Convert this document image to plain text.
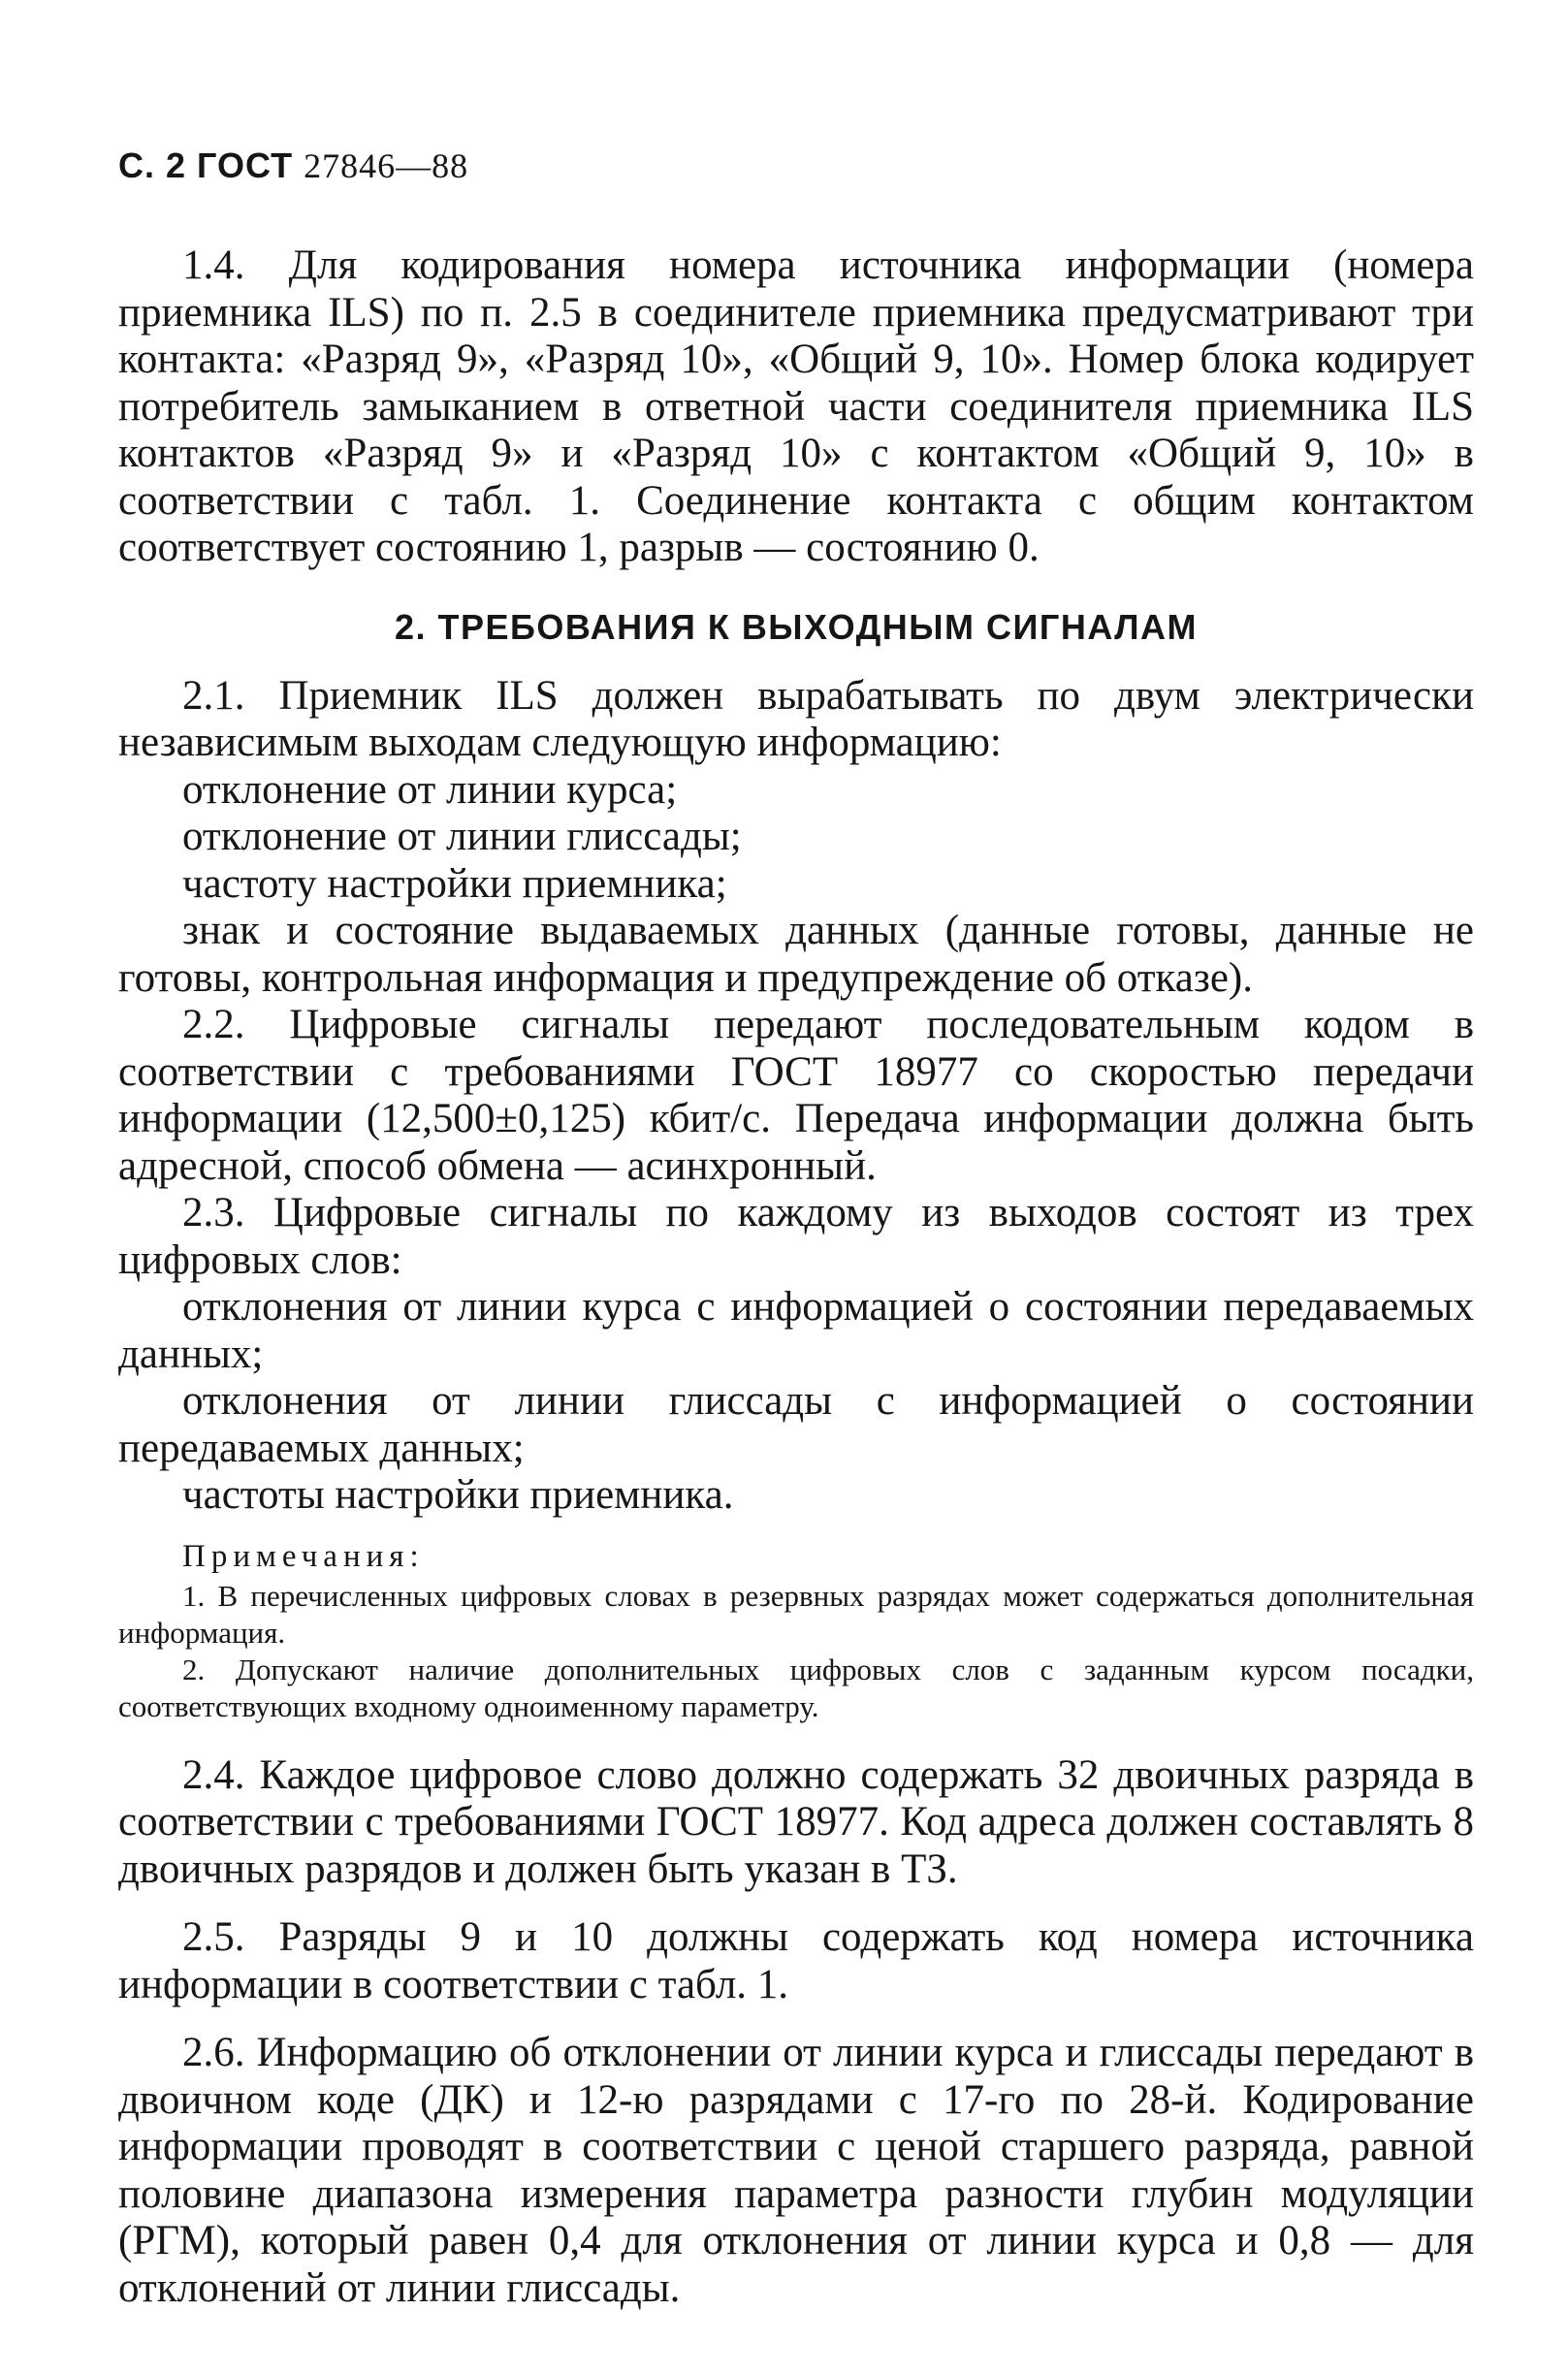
С. 2 ГОСТ 27846—88

1.4. Для кодирования номера источника информации (номера приемника ILS) по п. 2.5 в соединителе приемника предусматривают три контакта: «Разряд 9», «Разряд 10», «Общий 9, 10». Номер блока кодирует потребитель замыканием в ответной части соединителя приемника ILS контактов «Разряд 9» и «Разряд 10» с контактом «Общий 9, 10» в соответствии с табл. 1. Соединение контакта с общим контактом соответствует состоянию 1, разрыв — состоянию 0.

2. ТРЕБОВАНИЯ К ВЫХОДНЫМ СИГНАЛАМ

2.1. Приемник ILS должен вырабатывать по двум электрически независимым выходам следующую информацию:

отклонение от линии курса;

отклонение от линии глиссады;

частоту настройки приемника;

знак и состояние выдаваемых данных (данные готовы, данные не готовы, контрольная информация и предупреждение об отказе).

2.2. Цифровые сигналы передают последовательным кодом в соответствии с требованиями ГОСТ 18977 со скоростью передачи информации (12,500±0,125) кбит/с. Передача информации должна быть адресной, способ обмена — асинхронный.

2.3. Цифровые сигналы по каждому из выходов состоят из трех цифровых слов:

отклонения от линии курса с информацией о состоянии передаваемых данных;

отклонения от линии глиссады с информацией о состоянии передаваемых данных;

частоты настройки приемника.

Примечания:

1. В перечисленных цифровых словах в резервных разрядах может содержаться дополнительная информация.

2. Допускают наличие дополнительных цифровых слов с заданным курсом посадки, соответствующих входному одноименному параметру.

2.4. Каждое цифровое слово должно содержать 32 двоичных разряда в соответствии с требованиями ГОСТ 18977. Код адреса должен составлять 8 двоичных разрядов и должен быть указан в ТЗ.

2.5. Разряды 9 и 10 должны содержать код номера источника информации в соответствии с табл. 1.

2.6. Информацию об отклонении от линии курса и глиссады передают в двоичном коде (ДК) и 12-ю разрядами с 17-го по 28-й. Кодирование информации проводят в соответствии с ценой старшего разряда, равной половине диапазона измерения параметра разности глубин модуляции (РГМ), который равен 0,4 для отклонения от линии курса и 0,8 — для отклонений от линии глиссады.
